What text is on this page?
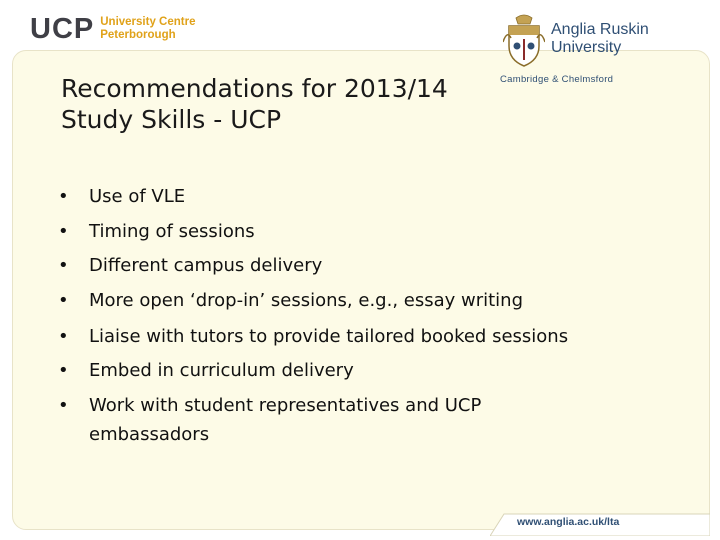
UCP University Centre
Peterborough	Anglia Ruskin
University
Cambridge & Chelmsford
Recommendations for 2013/14
Study Skills - UCP
• Use of VLE
• Timing of sessions
• Different campus delivery
• More open ‘drop-in’ sessions, e.g., essay writing
• Liaise with tutors to provide tailored booked sessions
• Embed in curriculum delivery
• Work with student representatives and UCP embassadors
www.anglia.ac.uk/lta
